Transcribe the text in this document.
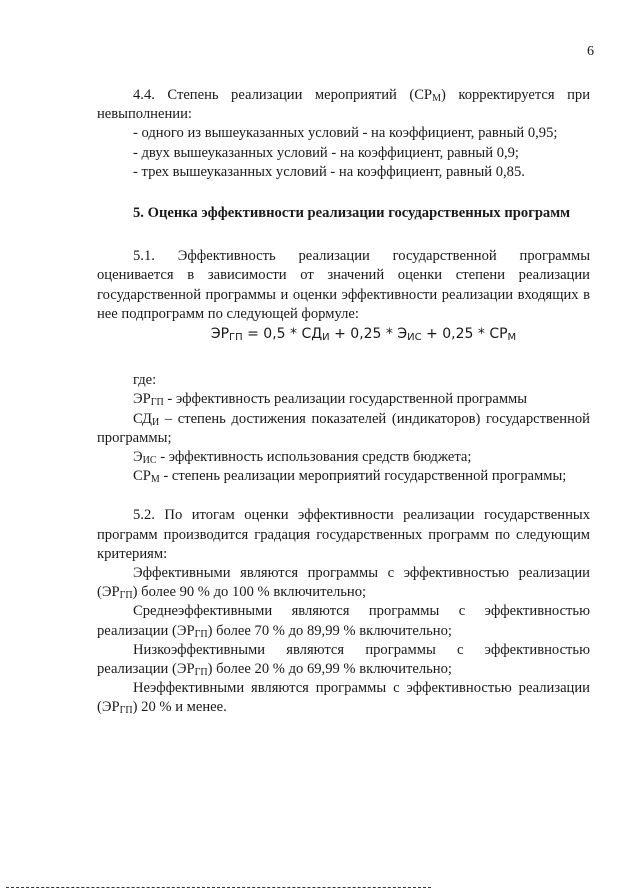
6

4.4. Степень реализации мероприятий $(СР_М)$ корректируется при невыполнении:

- одного из вышеуказанных условий - на коэффициент, равный 0,95;

- двух вышеуказанных условий - на коэффициент, равный 0,9;

- трех вышеуказанных условий - на коэффициент, равный 0,85.

5. Оценка эффективности реализации государственных программ

5.1. Эффективность реализации государственной программы оценивается в зависимости от значений оценки степени реализации государственной программы и оценки эффективности реализации входящих в нее подпрограмм по следующей формуле:

$ЭР_{ГП} = 0,5 * СД_И + 0,25 * Э_{ИС} + 0,25 * СР_М$

где:

$ЭР_{ГП}$ - эффективность реализации государственной программы

$СД_И$ – степень достижения показателей (индикаторов) государственной программы;

$Э_{ИС}$ - эффективность использования средств бюджета;

$СР_М$ - степень реализации мероприятий государственной программы;

5.2. По итогам оценки эффективности реализации государственных программ производится градация государственных программ по следующим критериям:

Эффективными являются программы с эффективностью реализации $(ЭР_{ГП})$ более 90 % до 100 % включительно;

Среднеэффективными являются программы с эффективностью реализации $(ЭР_{ГП})$ более 70 % до 89,99 % включительно;

Низкоэффективными являются программы с эффективностью реализации $(ЭР_{ГП})$ более 20 % до 69,99 % включительно;

Неэффективными являются программы с эффективностью реализации $(ЭР_{ГП})$ 20 % и менее.
